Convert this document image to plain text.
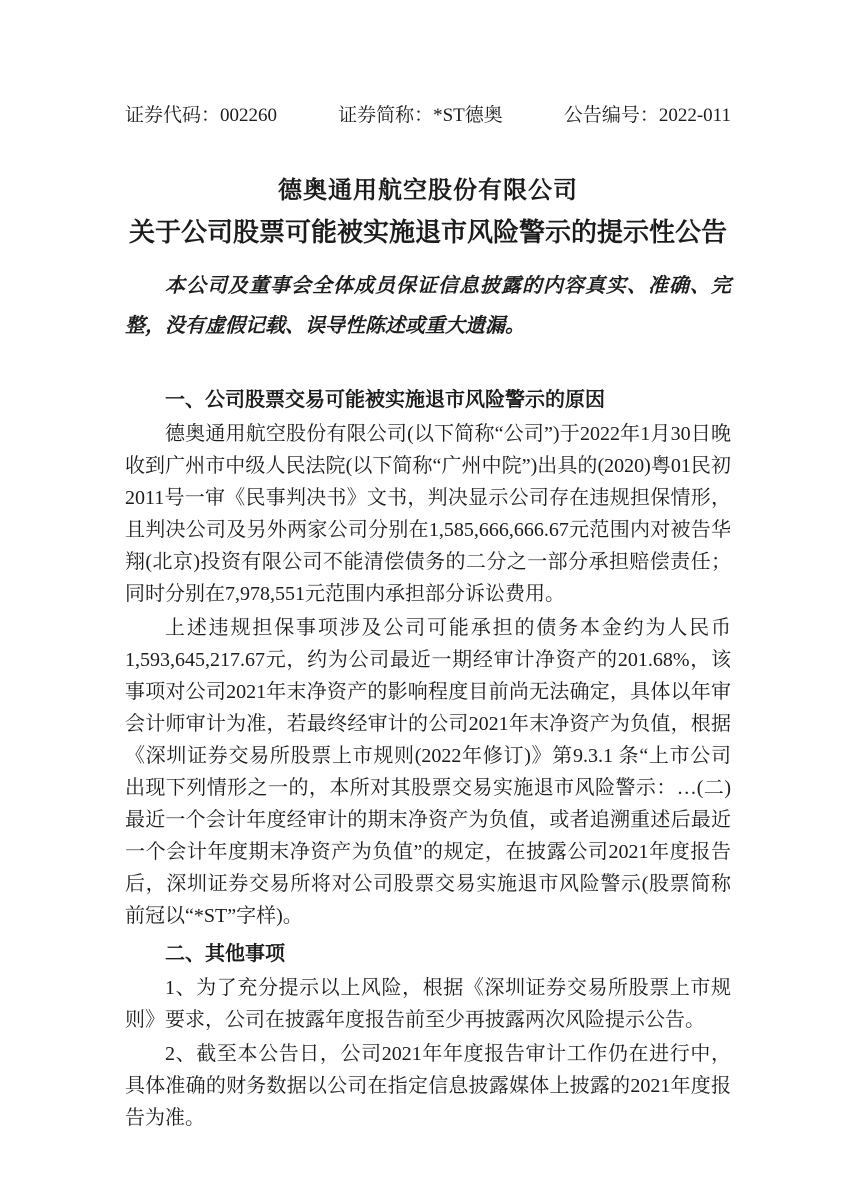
证券代码：002260	证券简称：*ST德奥	公告编号：2022-011
德奥通用航空股份有限公司
关于公司股票可能被实施退市风险警示的提示性公告

本公司及董事会全体成员保证信息披露的内容真实、准确、完整，没有虚假记载、误导性陈述或重大遗漏。

一、公司股票交易可能被实施退市风险警示的原因

德奥通用航空股份有限公司(以下简称“公司”)于2022年1月30日晚收到广州市中级人民法院(以下简称“广州中院”)出具的(2020)粤01民初2011号一审《民事判决书》文书，判决显示公司存在违规担保情形，且判决公司及另外两家公司分别在1,585,666,666.67元范围内对被告华翔(北京)投资有限公司不能清偿债务的二分之一部分承担赔偿责任；同时分别在7,978,551元范围内承担部分诉讼费用。

上述违规担保事项涉及公司可能承担的债务本金约为人民币1,593,645,217.67元，约为公司最近一期经审计净资产的201.68%，该事项对公司2021年末净资产的影响程度目前尚无法确定，具体以年审会计师审计为准，若最终经审计的公司2021年末净资产为负值，根据《深圳证券交易所股票上市规则(2022年修订)》第9.3.1 条“上市公司出现下列情形之一的，本所对其股票交易实施退市风险警示：…(二)最近一个会计年度经审计的期末净资产为负值，或者追溯重述后最近一个会计年度期末净资产为负值”的规定，在披露公司2021年度报告后，深圳证券交易所将对公司股票交易实施退市风险警示(股票简称前冠以“*ST”字样)。

二、其他事项

1、为了充分提示以上风险，根据《深圳证券交易所股票上市规则》要求，公司在披露年度报告前至少再披露两次风险提示公告。

2、截至本公告日，公司2021年年度报告审计工作仍在进行中，具体准确的财务数据以公司在指定信息披露媒体上披露的2021年度报告为准。
